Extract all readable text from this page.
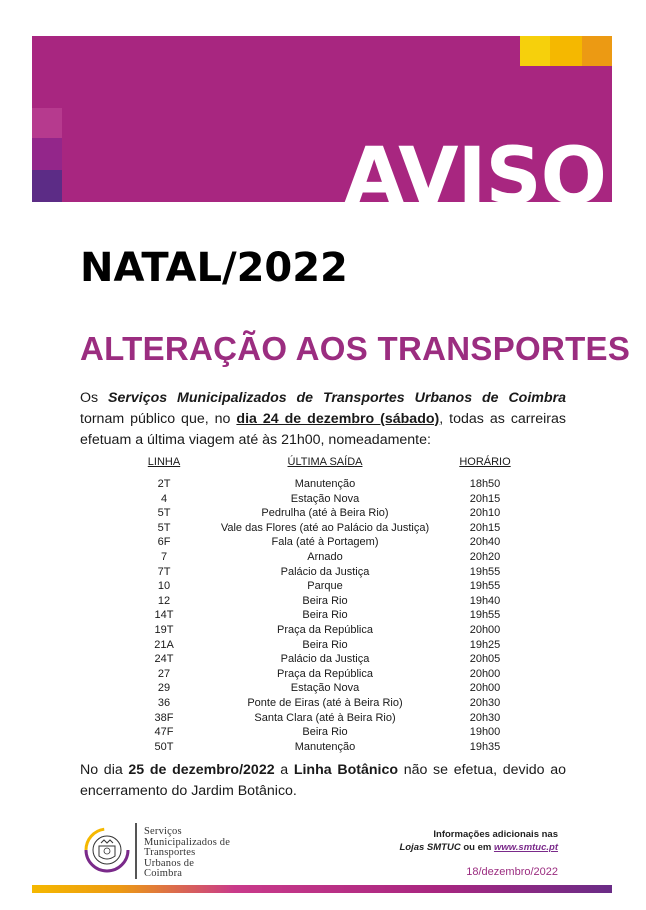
AVISO
NATAL/2022
ALTERAÇÃO AOS TRANSPORTES

Os Serviços Municipalizados de Transportes Urbanos de Coimbra tornam público que, no dia 24 de dezembro (sábado), todas as carreiras efetuam a última viagem até às 21h00, nomeadamente:

LINHA	ÚLTIMA SAÍDA	HORÁRIO
2T	Manutenção	18h50
4	Estação Nova	20h15
5T	Pedrulha (até à Beira Rio)	20h10
5T	Vale das Flores (até ao Palácio da Justiça)	20h15
6F	Fala (até à Portagem)	20h40
7	Arnado	20h20
7T	Palácio da Justiça	19h55
10	Parque	19h55
12	Beira Rio	19h40
14T	Beira Rio	19h55
19T	Praça da República	20h00
21A	Beira Rio	19h25
24T	Palácio da Justiça	20h05
27	Praça da República	20h00
29	Estação Nova	20h00
36	Ponte de Eiras (até à Beira Rio)	20h30
38F	Santa Clara (até à Beira Rio)	20h30
47F	Beira Rio	19h00
50T	Manutenção	19h35

No dia 25 de dezembro/2022 a Linha Botânico não se efetua, devido ao encerramento do Jardim Botânico.

Serviços
Municipalizados de
Transportes
Urbanos de
Coimbra
Informações adicionais nas
Lojas SMTUC ou em www.smtuc.pt
18/dezembro/2022
